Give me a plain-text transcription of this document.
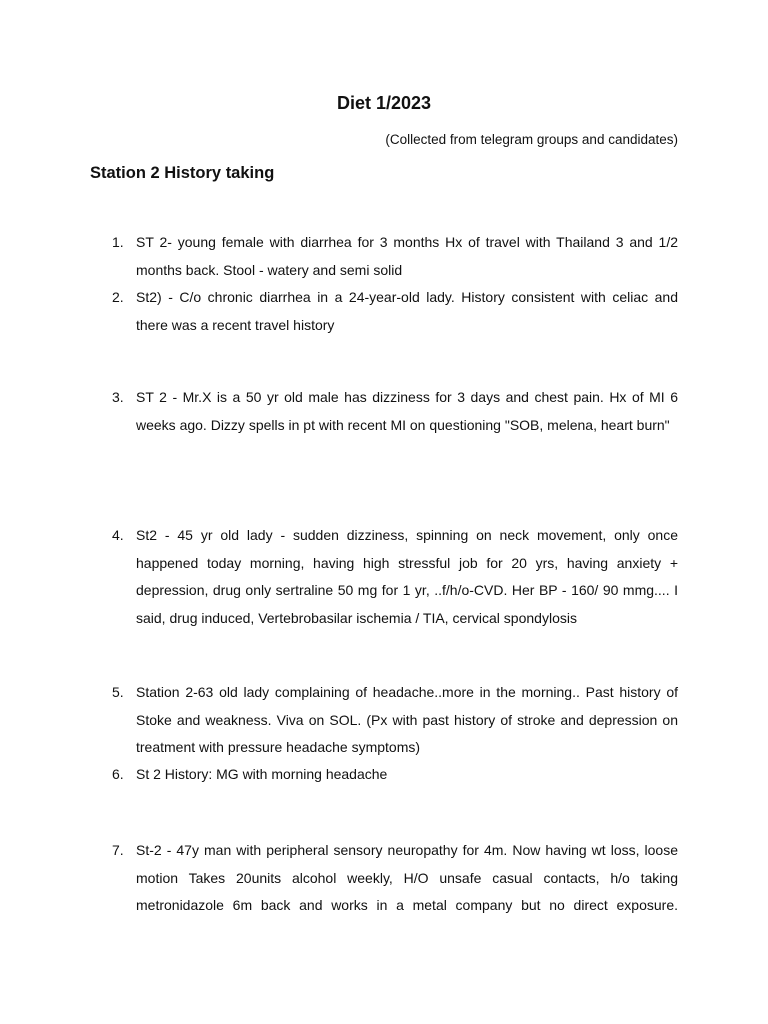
Diet 1/2023

(Collected from telegram groups and candidates)

Station 2 History taking
1. ST 2- young female with diarrhea for 3 months Hx of travel with Thailand 3 and 1/2 months back. Stool - watery and semi solid
2. St2) - C/o chronic diarrhea in a 24-year-old lady. History consistent with celiac and there was a recent travel history
3. ST 2 - Mr.X is a 50 yr old male has dizziness for 3 days and chest pain. Hx of MI 6 weeks ago. Dizzy spells in pt with recent MI on questioning "SOB, melena, heart burn"
4. St2 - 45 yr old lady - sudden dizziness, spinning on neck movement, only once happened today morning, having high stressful job for 20 yrs, having anxiety + depression, drug only sertraline 50 mg for 1 yr, ..f/h/o-CVD. Her BP - 160/ 90 mmg.... I said, drug induced, Vertebrobasilar ischemia / TIA, cervical spondylosis
5. Station 2-63 old lady complaining of headache..more in the morning.. Past history of Stoke and weakness. Viva on SOL. (Px with past history of stroke and depression on treatment with pressure headache symptoms)
6. St 2 History: MG with morning headache
7. St-2 - 47y man with peripheral sensory neuropathy for 4m. Now having wt loss, loose motion Takes 20units alcohol weekly, H/O unsafe casual contacts, h/o taking metronidazole 6m back and works in a metal company but no direct exposure.
